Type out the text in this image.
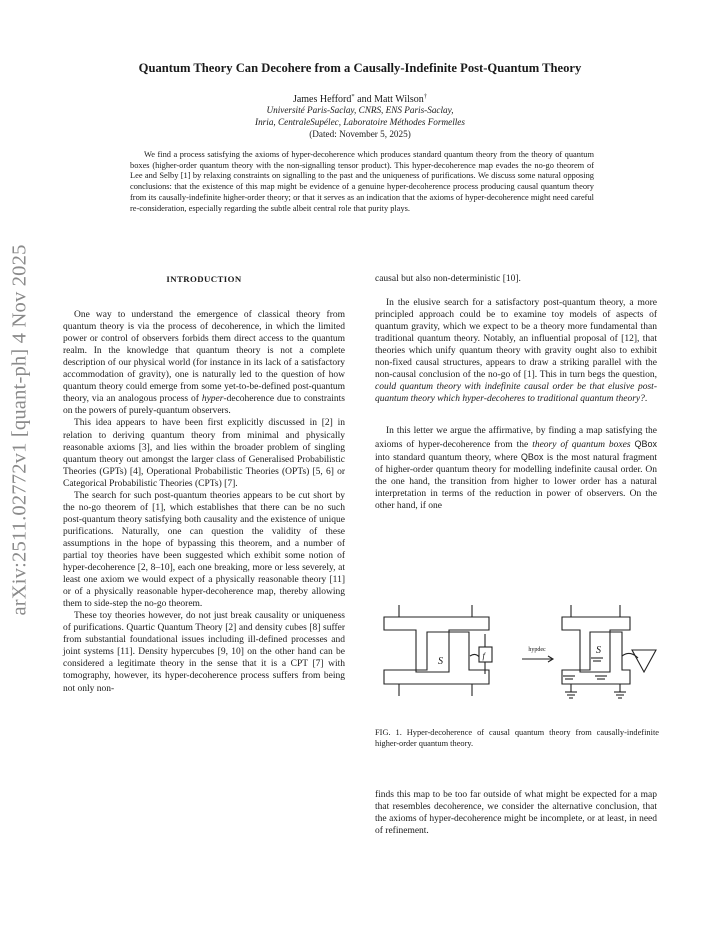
arXiv:2511.02772v1 [quant-ph] 4 Nov 2025
Quantum Theory Can Decohere from a Causally-Indefinite Post-Quantum Theory
James Hefford* and Matt Wilson†
Université Paris-Saclay, CNRS, ENS Paris-Saclay,
Inria, CentraleSupélec, Laboratoire Méthodes Formelles
(Dated: November 5, 2025)

We find a process satisfying the axioms of hyper-decoherence which produces standard quantum theory from the theory of quantum boxes (higher-order quantum theory with the non-signalling tensor product). This hyper-decoherence map evades the no-go theorem of Lee and Selby [1] by relaxing constraints on signalling to the past and the uniqueness of purifications. We discuss some natural opposing conclusions: that the existence of this map might be evidence of a genuine hyper-decoherence process producing causal quantum theory from its causally-indefinite higher-order theory; or that it serves as an indication that the axioms of hyper-decoherence might need careful re-consideration, especially regarding the subtle albeit central role that purity plays.

INTRODUCTION

One way to understand the emergence of classical theory from quantum theory is via the process of decoherence, in which the limited power or control of observers forbids them direct access to the quantum realm. In the knowledge that quantum theory is not a complete description of our physical world (for instance in its lack of a satisfactory accommodation of gravity), one is naturally led to the question of how quantum theory could emerge from some yet-to-be-defined post-quantum theory, via an analogous process of hyper-decoherence due to constraints on the powers of purely-quantum observers.

This idea appears to have been first explicitly discussed in [2] in relation to deriving quantum theory from minimal and physically reasonable axioms [3], and lies within the broader problem of singling quantum theory out amongst the larger class of Generalised Probabilistic Theories (GPTs) [4], Operational Probabilistic Theories (OPTs) [5, 6] or Categorical Probabilistic Theories (CPTs) [7].

The search for such post-quantum theories appears to be cut short by the no-go theorem of [1], which establishes that there can be no such post-quantum theory satisfying both causality and the existence of unique purifications. Naturally, one can question the validity of these assumptions in the hope of bypassing this theorem, and a number of partial toy theories have been suggested which exhibit some notion of hyper-decoherence [2, 8–10], each one breaking, more or less severely, at least one axiom we would expect of a physically reasonable theory [11] or of a physically reasonable hyper-decoherence map, thereby allowing them to side-step the no-go theorem.

These toy theories however, do not just break causality or uniqueness of purifications. Quartic Quantum Theory [2] and density cubes [8] suffer from substantial foundational issues including ill-defined processes and joint systems [11]. Density hypercubes [9, 10] on the other hand can be considered a legitimate theory in the sense that it is a CPT [7] with tomography, however, its hyper-decoherence process suffers from being not only non-

causal but also non-deterministic [10].

In the elusive search for a satisfactory post-quantum theory, a more principled approach could be to examine toy models of aspects of quantum gravity, which we expect to be a theory more fundamental than traditional quantum theory. Notably, an influential proposal of [12], that theories which unify quantum theory with gravity ought also to exhibit non-fixed causal structures, appears to draw a striking parallel with the non-causal conclusion of the no-go of [1]. This in turn begs the question, could quantum theory with indefinite causal order be that elusive post-quantum theory which hyper-decoheres to traditional quantum theory?.

In this letter we argue the affirmative, by finding a map satisfying the axioms of hyper-decoherence from the theory of quantum boxes QBox into standard quantum theory, where QBox is the most natural fragment of higher-order quantum theory for modelling indefinite causal order. On the one hand, the transition from higher to lower order has a natural interpretation in terms of the reduction in power of observers. On the other hand, if one

S
f
hypdec	S

FIG. 1. Hyper-decoherence of causal quantum theory from causally-indefinite higher-order quantum theory.

finds this map to be too far outside of what might be expected for a map that resembles decoherence, we consider the alternative conclusion, that the axioms of hyper-decoherence might be incomplete, or at least, in need of refinement.
